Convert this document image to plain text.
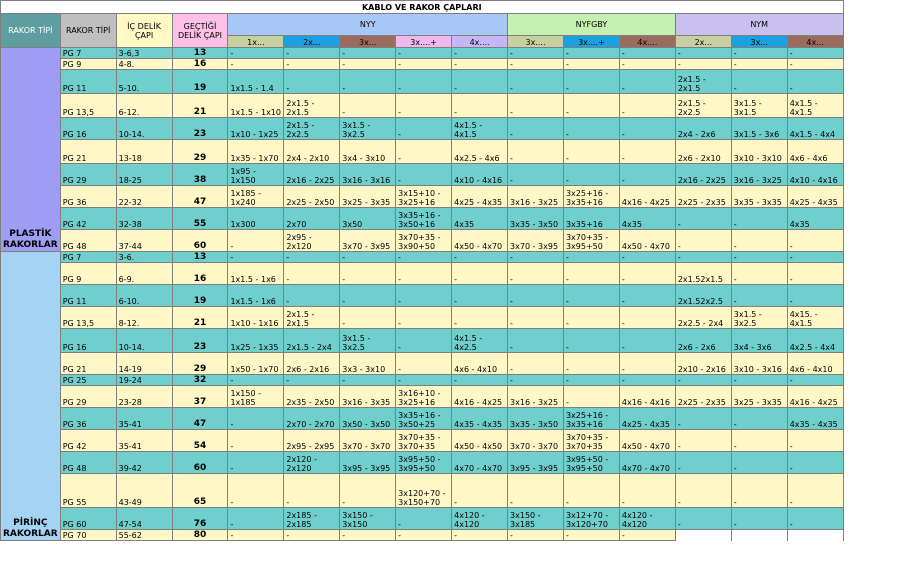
KABLO VE RAKOR ÇAPLARI															
RAKOR TİPİ	RAKOR TİPİ	İÇ DELİK ÇAPI	GEÇTİĞİ DELİK ÇAPI	NYY					NYFGBY			NYM			
				1x...	2x...	3x...	3x....+	4x....	3x....	3x....+	4x....	2x...	3x...	4x...	
PLASTİK RAKORLAR	PG 7	3-6,3	13	-	-	-	-	-	-	-	-	-	-	-	
	PG 9	4-8.	16	-	-	-	-	-	-	-	-	-	-	-	
	PG 11	5-10.	19	1x1.5 - 1.4	-	-	-	-	-	-	-	2x1.5 - 2x1.5	-	-	
	PG 13,5	6-12.	21	1x1.5 - 1x10	2x1.5 - 2x1.5	-	-	-	-	-	-	2x1.5 - 2x2.5	3x1.5 - 3x1.5	4x1.5 - 4x1.5	
	PG 16	10-14.	23	1x10 - 1x25	2x1.5 - 2x2.5	3x1.5 - 3x2.5	-	4x1.5 - 4x1.5	-	-	-	2x4 - 2x6	3x1.5 - 3x6	4x1.5 - 4x4	
	PG 21	13-18	29	1x35 - 1x70	2x4 - 2x10	3x4 - 3x10	-	4x2.5 - 4x6	-	-	-	2x6 - 2x10	3x10 - 3x10	4x6 - 4x6	
	PG 29	18-25	38	1x95 - 1x150	2x16 - 2x25	3x16 - 3x16	-	4x10 - 4x16	-	-	-	2x16 - 2x25	3x16 - 3x25	4x10 - 4x16	
	PG 36	22-32	47	1x185 - 1x240	2x25 - 2x50	3x25 - 3x35	3x15+10 - 3x25+16	4x25 - 4x35	3x16 - 3x25	3x25+16 - 3x35+16	4x16 - 4x25	2x25 - 2x35	3x35 - 3x35	4x25 - 4x35	
	PG 42	32-38	55	1x300	2x70	3x50	3x35+16 - 3x50+16	4x35	3x35 - 3x50	3x35+16	4x35	-	-	4x35	
	PG 48	37-44	60	-	2x95 - 2x120	3x70 - 3x95	3x70+35 - 3x90+50	4x50 - 4x70	3x70 - 3x95	3x70+35 - 3x95+50	4x50 - 4x70	-	-	-	
PİRİNÇ RAKORLAR	PG 7	3-6.	13	-	-	-	-	-	-	-	-	-	-	-	
	PG 9	6-9.	16	1x1.5 - 1x6	-	-	-	-	-	-	-	2x1.52x1.5	-	-	
	PG 11	6-10.	19	1x1.5 - 1x6	-	-	-	-	-	-	-	2x1.52x2.5	-	-	
	PG 13,5	8-12.	21	1x10 - 1x16	2x1.5 - 2x1.5	-	-	-	-	-	-	2x2.5 - 2x4	3x1.5 - 3x2.5	4x15. - 4x1.5	
	PG 16	10-14.	23	1x25 - 1x35	2x1.5 - 2x4	3x1.5 - 3x2.5	-	4x1.5 - 4x2.5	-	-	-	2x6 - 2x6	3x4 - 3x6	4x2.5 - 4x4	
	PG 21	14-19	29	1x50 - 1x70	2x6 - 2x16	3x3 - 3x10	-	4x6 - 4x10	-	-	-	2x10 - 2x16	3x10 - 3x16	4x6 - 4x10	
	PG 25	19-24	32	-	-	-	-	-	-	-	-	-	-	-	
	PG 29	23-28	37	1x150 - 1x185	2x35 - 2x50	3x16 - 3x35	3x16+10 - 3x25+16	4x16 - 4x25	3x16 - 3x25	-	4x16 - 4x16	2x25 - 2x35	3x25 - 3x35	4x16 - 4x25	
	PG 36	35-41	47	-	2x70 - 2x70	3x50 - 3x50	3x35+16 - 3x50+25	4x35 - 4x35	3x35 - 3x50	3x25+16 - 3x35+16	4x25 - 4x35	-	-	4x35 - 4x35	
	PG 42	35-41	54	-	2x95 - 2x95	3x70 - 3x70	3x70+35 - 3x70+35	4x50 - 4x50	3x70 - 3x70	3x70+35 - 3x70+35	4x50 - 4x70	-	-	-	
	PG 48	39-42	60	-	2x120 - 2x120	3x95 - 3x95	3x95+50 - 3x95+50	4x70 - 4x70	3x95 - 3x95	3x95+50 - 3x95+50	4x70 - 4x70	-	-	-	
	PG 55	43-49	65	-	-	-	3x120+70 - 3x150+70	-	-	-	-	-	-	-	
	PG 60	47-54	76	-	2x185 - 2x185	3x150 - 3x150	-	4x120 - 4x120	3x150 - 3x185	3x12+70 - 3x120+70	4x120 - 4x120	-	-	-	
	PG 70	55-62	80	-	-	-	-	-	-	-	-				
